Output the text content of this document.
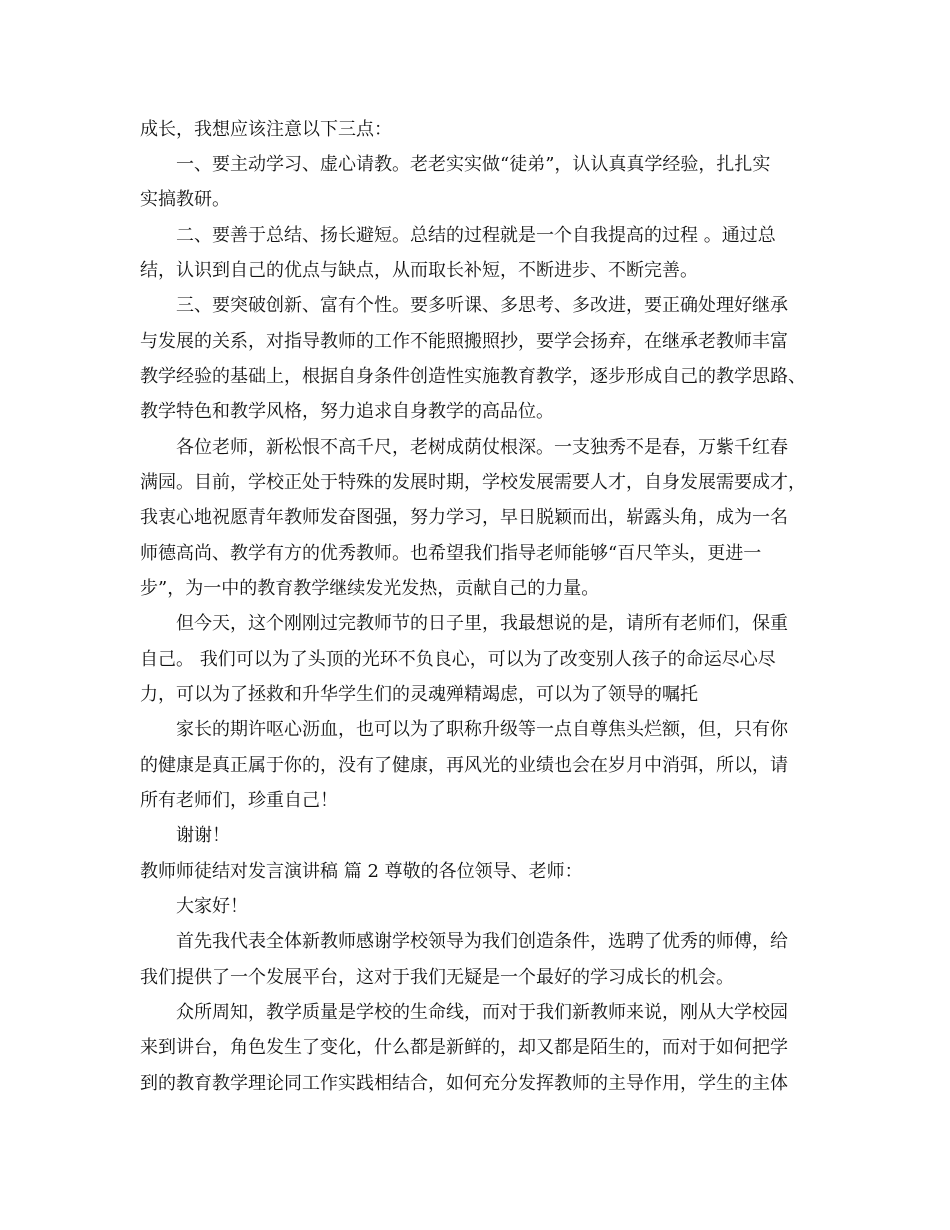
成长，我想应该注意以下三点：
一、要主动学习、虚心请教。老老实实做“徒弟”，认认真真学经验，扎扎实
实搞教研。
二、要善于总结、扬长避短。总结的过程就是一个自我提高的过程 。通过总
结，认识到自己的优点与缺点，从而取长补短，不断进步、不断完善。
三、要突破创新、富有个性。要多听课、多思考、多改进，要正确处理好继承
与发展的关系，对指导教师的工作不能照搬照抄，要学会扬弃，在继承老教师丰富
教学经验的基础上，根据自身条件创造性实施教育教学，逐步形成自己的教学思路、
教学特色和教学风格，努力追求自身教学的高品位。
各位老师，新松恨不高千尺，老树成荫仗根深。一支独秀不是春，万紫千红春
满园。目前，学校正处于特殊的发展时期，学校发展需要人才，自身发展需要成才，
我衷心地祝愿青年教师发奋图强，努力学习，早日脱颖而出，崭露头角，成为一名
师德高尚、教学有方的优秀教师。也希望我们指导老师能够“百尺竿头，更进一
步”，为一中的教育教学继续发光发热，贡献自己的力量。
但今天，这个刚刚过完教师节的日子里，我最想说的是，请所有老师们，保重
自己。 我们可以为了头顶的光环不负良心，可以为了改变别人孩子的命运尽心尽
力，可以为了拯救和升华学生们的灵魂殚精竭虑，可以为了领导的嘱托
家长的期许呕心沥血，也可以为了职称升级等一点自尊焦头烂额，但，只有你
的健康是真正属于你的，没有了健康，再风光的业绩也会在岁月中消弭，所以，请
所有老师们，珍重自己！
谢谢！
教师师徒结对发言演讲稿 篇 2 尊敬的各位领导、老师：
大家好！
首先我代表全体新教师感谢学校领导为我们创造条件，选聘了优秀的师傅，给
我们提供了一个发展平台，这对于我们无疑是一个最好的学习成长的机会。
众所周知，教学质量是学校的生命线，而对于我们新教师来说，刚从大学校园
来到讲台，角色发生了变化，什么都是新鲜的，却又都是陌生的，而对于如何把学
到的教育教学理论同工作实践相结合，如何充分发挥教师的主导作用，学生的主体
